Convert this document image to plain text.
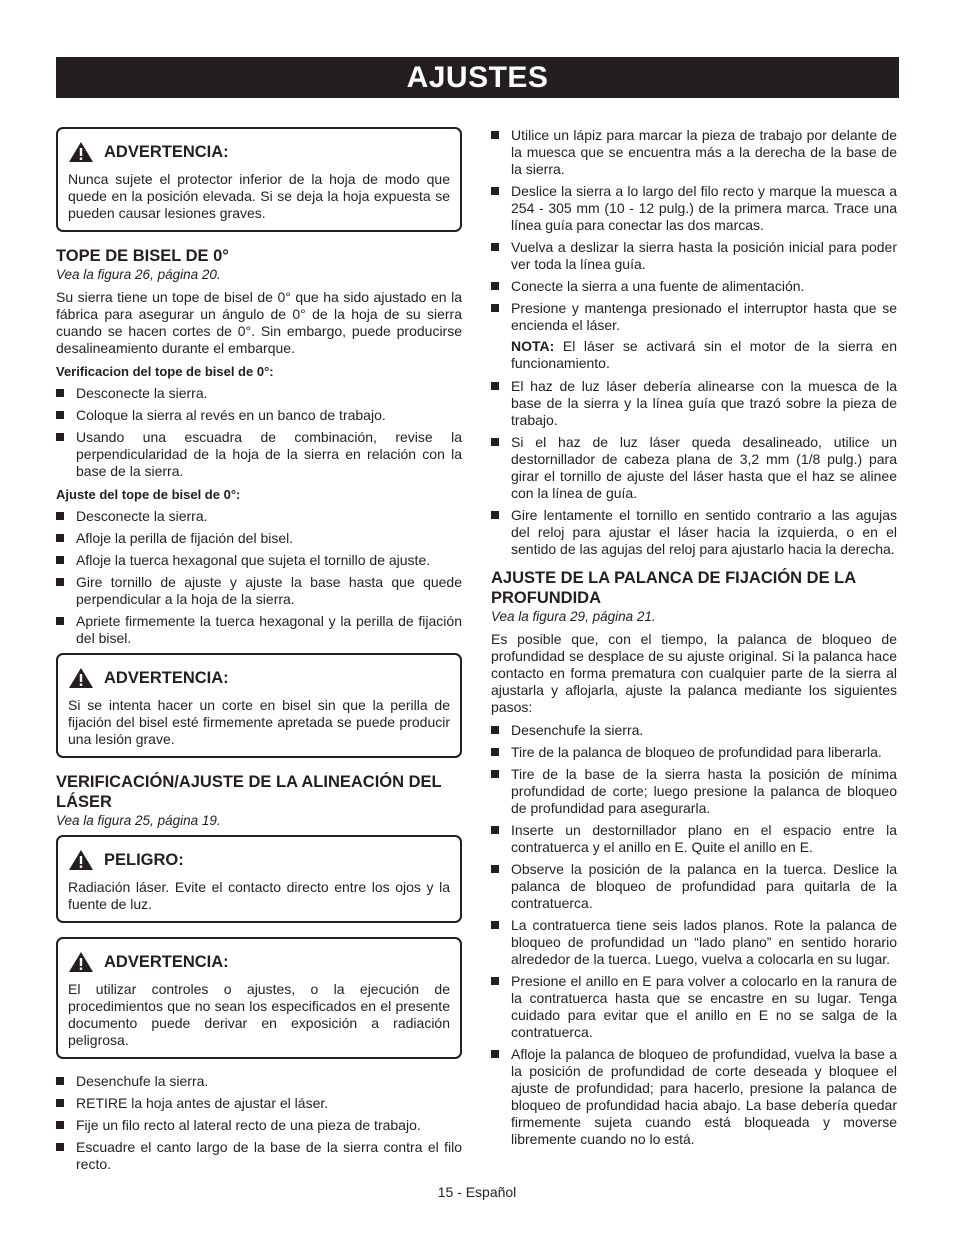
AJUSTES
ADVERTENCIA:
Nunca sujete el protector inferior de la hoja de modo que quede en la posición elevada. Si se deja la hoja expuesta se pueden causar lesiones graves.
TOPE DE BISEL DE 0°
Vea la figura 26, página 20.

Su sierra tiene un tope de bisel de 0° que ha sido ajustado en la fábrica para asegurar un ángulo de 0° de la hoja de su sierra cuando se hacen cortes de 0°. Sin embargo, puede producirse desalineamiento durante el embarque.

Verificacion del tope de bisel de 0°:
Desconecte la sierra.
Coloque la sierra al revés en un banco de trabajo.
Usando una escuadra de combinación, revise la perpendicularidad de la hoja de la sierra en relación con la base de la sierra.
Ajuste del tope de bisel de 0°:
Desconecte la sierra.
Afloje la perilla de fijación del bisel.
Afloje la tuerca hexagonal que sujeta el tornillo de ajuste.
Gire tornillo de ajuste y ajuste la base hasta que quede perpendicular a la hoja de la sierra.
Apriete firmemente la tuerca hexagonal y la perilla de fijación del bisel.
ADVERTENCIA:
Si se intenta hacer un corte en bisel sin que la perilla de fijación del bisel esté firmemente apretada se puede producir una lesión grave.
VERIFICACIÓN/AJUSTE DE LA ALINEACIÓN DEL LÁSER
Vea la figura 25, página 19.
PELIGRO:
Radiación láser. Evite el contacto directo entre los ojos y la fuente de luz.
ADVERTENCIA:
El utilizar controles o ajustes, o la ejecución de procedimientos que no sean los especificados en el presente documento puede derivar en exposición a radiación peligrosa.
Desenchufe la sierra.
RETIRE la hoja antes de ajustar el láser.
Fije un filo recto al lateral recto de una pieza de trabajo.
Escuadre el canto largo de la base de la sierra contra el filo recto.
Utilice un lápiz para marcar la pieza de trabajo por delante de la muesca que se encuentra más a la derecha de la base de la sierra.
Deslice la sierra a lo largo del filo recto y marque la muesca a 254 - 305 mm (10 - 12 pulg.) de la primera marca. Trace una línea guía para conectar las dos marcas.
Vuelva a deslizar la sierra hasta la posición inicial para poder ver toda la línea guía.
Conecte la sierra a una fuente de alimentación.
Presione y mantenga presionado el interruptor hasta que se encienda el láser.
NOTA: El láser se activará sin el motor de la sierra en funcionamiento.
El haz de luz láser debería alinearse con la muesca de la base de la sierra y la línea guía que trazó sobre la pieza de trabajo.
Si el haz de luz láser queda desalineado, utilice un destornillador de cabeza plana de 3,2 mm (1/8 pulg.) para girar el tornillo de ajuste del láser hasta que el haz se alinee con la línea de guía.
Gire lentamente el tornillo en sentido contrario a las agujas del reloj para ajustar el láser hacia la izquierda, o en el sentido de las agujas del reloj para ajustarlo hacia la derecha.
AJUSTE DE LA PALANCA DE FIJACIÓN DE LA PROFUNDIDA
Vea la figura 29, página 21.

Es posible que, con el tiempo, la palanca de bloqueo de profundidad se desplace de su ajuste original. Si la palanca hace contacto en forma prematura con cualquier parte de la sierra al ajustarla y aflojarla, ajuste la palanca mediante los siguientes pasos:

Desenchufe la sierra.
Tire de la palanca de bloqueo de profundidad para liberarla.
Tire de la base de la sierra hasta la posición de mínima profundidad de corte; luego presione la palanca de bloqueo de profundidad para asegurarla.
Inserte un destornillador plano en el espacio entre la contratuerca y el anillo en E. Quite el anillo en E.
Observe la posición de la palanca en la tuerca. Deslice la palanca de bloqueo de profundidad para quitarla de la contratuerca.
La contratuerca tiene seis lados planos. Rote la palanca de bloqueo de profundidad un “lado plano” en sentido horario alrededor de la tuerca. Luego, vuelva a colocarla en su lugar.
Presione el anillo en E para volver a colocarlo en la ranura de la contratuerca hasta que se encastre en su lugar. Tenga cuidado para evitar que el anillo en E no se salga de la contratuerca.
Afloje la palanca de bloqueo de profundidad, vuelva la base a la posición de profundidad de corte deseada y bloquee el ajuste de profundidad; para hacerlo, presione la palanca de bloqueo de profundidad hacia abajo. La base debería quedar firmemente sujeta cuando está bloqueada y moverse libremente cuando no lo está.
15 - Español
